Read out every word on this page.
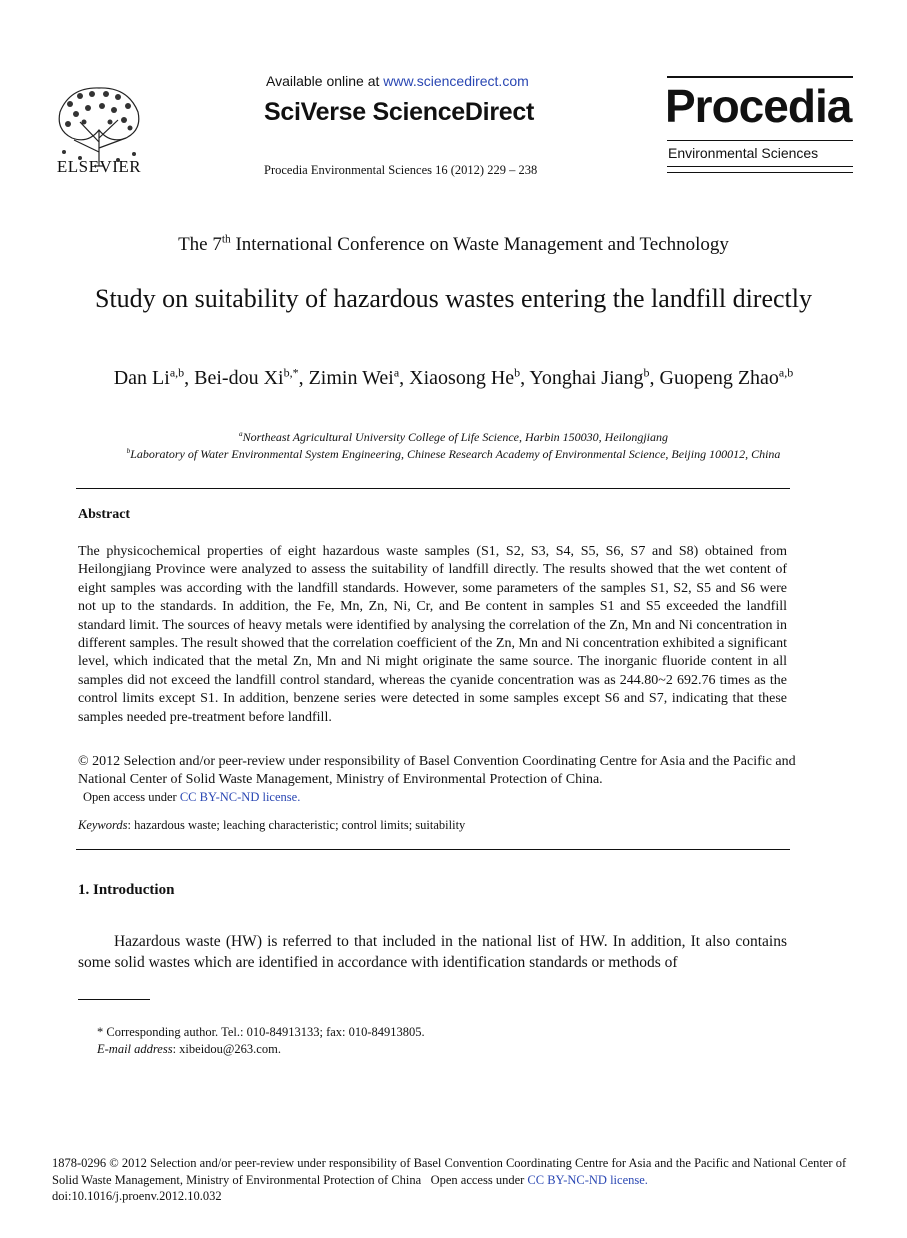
ELSEVIER
Available online at www.sciencedirect.com
SciVerse ScienceDirect
Procedia Environmental Sciences 16 (2012) 229 – 238
Procedia
Environmental Sciences
The 7th International Conference on Waste Management and Technology
Study on suitability of hazardous wastes entering the landfill directly
Dan Li$^{a,b}$, Bei-dou $Xi^{b,*}$, Zimin Wei$^a$, Xiaosong He$^b$, Yonghai Jiang$^b$, Guopeng Zhao$^{a,b}$
$^a$Northeast Agricultural University College of Life Science, Harbin 150030, Heilongjiang
$^b$Laboratory of Water Environmental System Engineering, Chinese Research Academy of Environmental Science, Beijing 100012, China
Abstract
The physicochemical properties of eight hazardous waste samples (S1, S2, S3, S4, S5, S6, S7 and S8) obtained from Heilongjiang Province were analyzed to assess the suitability of landfill directly. The results showed that the wet content of eight samples was according with the landfill standards. However, some parameters of the samples S1, S2, S5 and S6 were not up to the standards. In addition, the Fe, Mn, Zn, Ni, Cr, and Be content in samples S1 and S5 exceeded the landfill standard limit. The sources of heavy metals were identified by analysing the correlation of the Zn, Mn and Ni concentration in different samples. The result showed that the correlation coefficient of the Zn, Mn and Ni concentration exhibited a significant level, which indicated that the metal Zn, Mn and Ni might originate the same source. The inorganic fluoride content in all samples did not exceed the landfill control standard, whereas the cyanide concentration was as 244.80~2 692.76 times as the control limits except S1. In addition, benzene series were detected in some samples except S6 and S7, indicating that these samples needed pre-treatment before landfill.
© 2012 Selection and/or peer-review under responsibility of Basel Convention Coordinating Centre for Asia and the Pacific and National Center of Solid Waste Management, Ministry of Environmental Protection of China.
Open access under CC BY-NC-ND license.
Keywords: hazardous waste; leaching characteristic; control limits; suitability
1. Introduction
Hazardous waste (HW) is referred to that included in the national list of HW. In addition, It also contains some solid wastes which are identified in accordance with identification standards or methods of
* Corresponding author. Tel.: 010-84913133; fax: 010-84913805.
E-mail address: xibeidou@263.com.
1878-0296 © 2012 Selection and/or peer-review under responsibility of Basel Convention Coordinating Centre for Asia and the Pacific and National Center of Solid Waste Management, Ministry of Environmental Protection of China Open access under CC BY-NC-ND license.
doi:10.1016/j.proenv.2012.10.032
